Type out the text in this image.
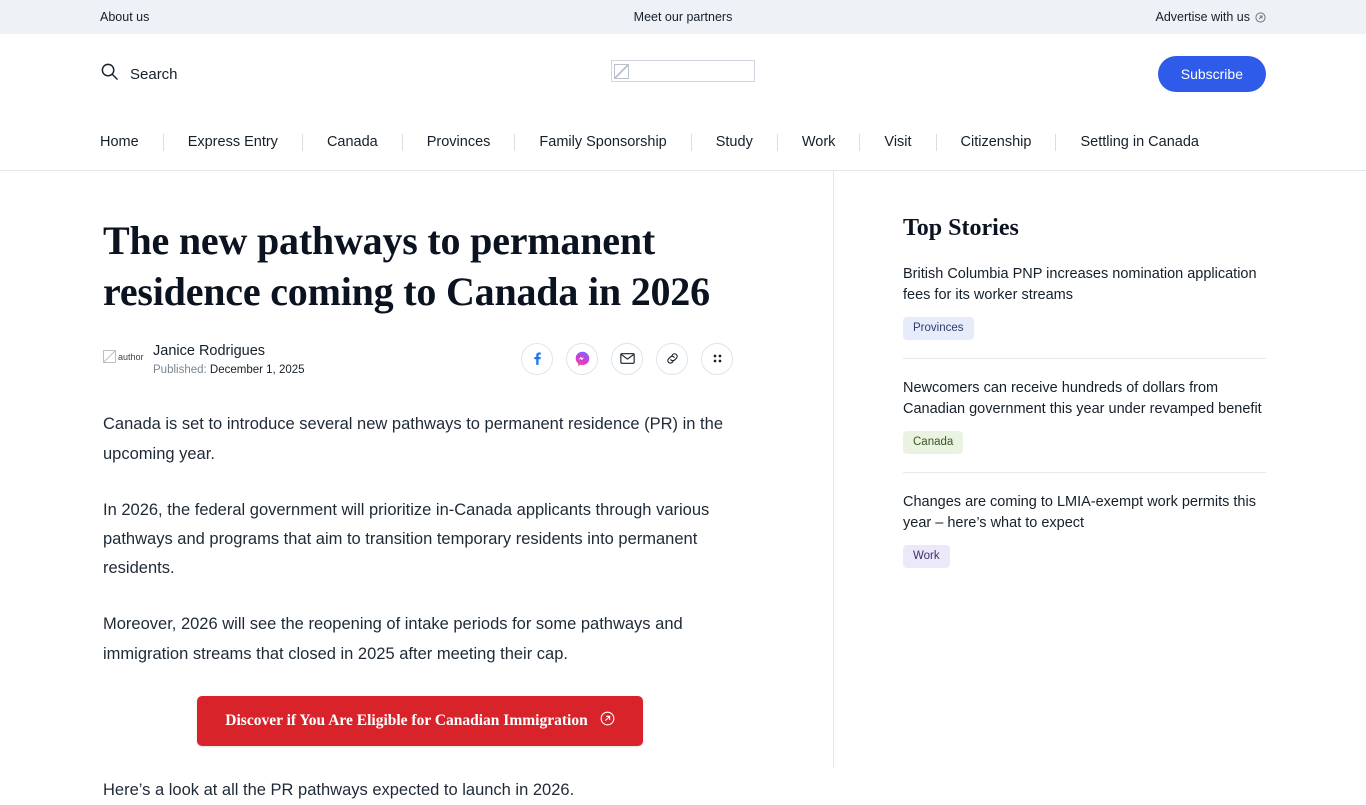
About us	Meet our partners	Advertise with us
Search	Subscribe
Home	Express Entry	Canada	Provinces	Family Sponsorship	Study	Work	Visit	Citizenship	Settling in Canada
The new pathways to permanent residence coming to Canada in 2026
author Janice Rodrigues
Published: December 1, 2025

Canada is set to introduce several new pathways to permanent residence (PR) in the upcoming year.

In 2026, the federal government will prioritize in-Canada applicants through various pathways and programs that aim to transition temporary residents into permanent residents.

Moreover, 2026 will see the reopening of intake periods for some pathways and immigration streams that closed in 2025 after meeting their cap.

Discover if You Are Eligible for Canadian Immigration

Here’s a look at all the PR pathways expected to launch in 2026.

Top Stories

British Columbia PNP increases nomination application fees for its worker streams

Provinces

Newcomers can receive hundreds of dollars from Canadian government this year under revamped benefit

Canada

Changes are coming to LMIA-exempt work permits this year – here’s what to expect

Work
